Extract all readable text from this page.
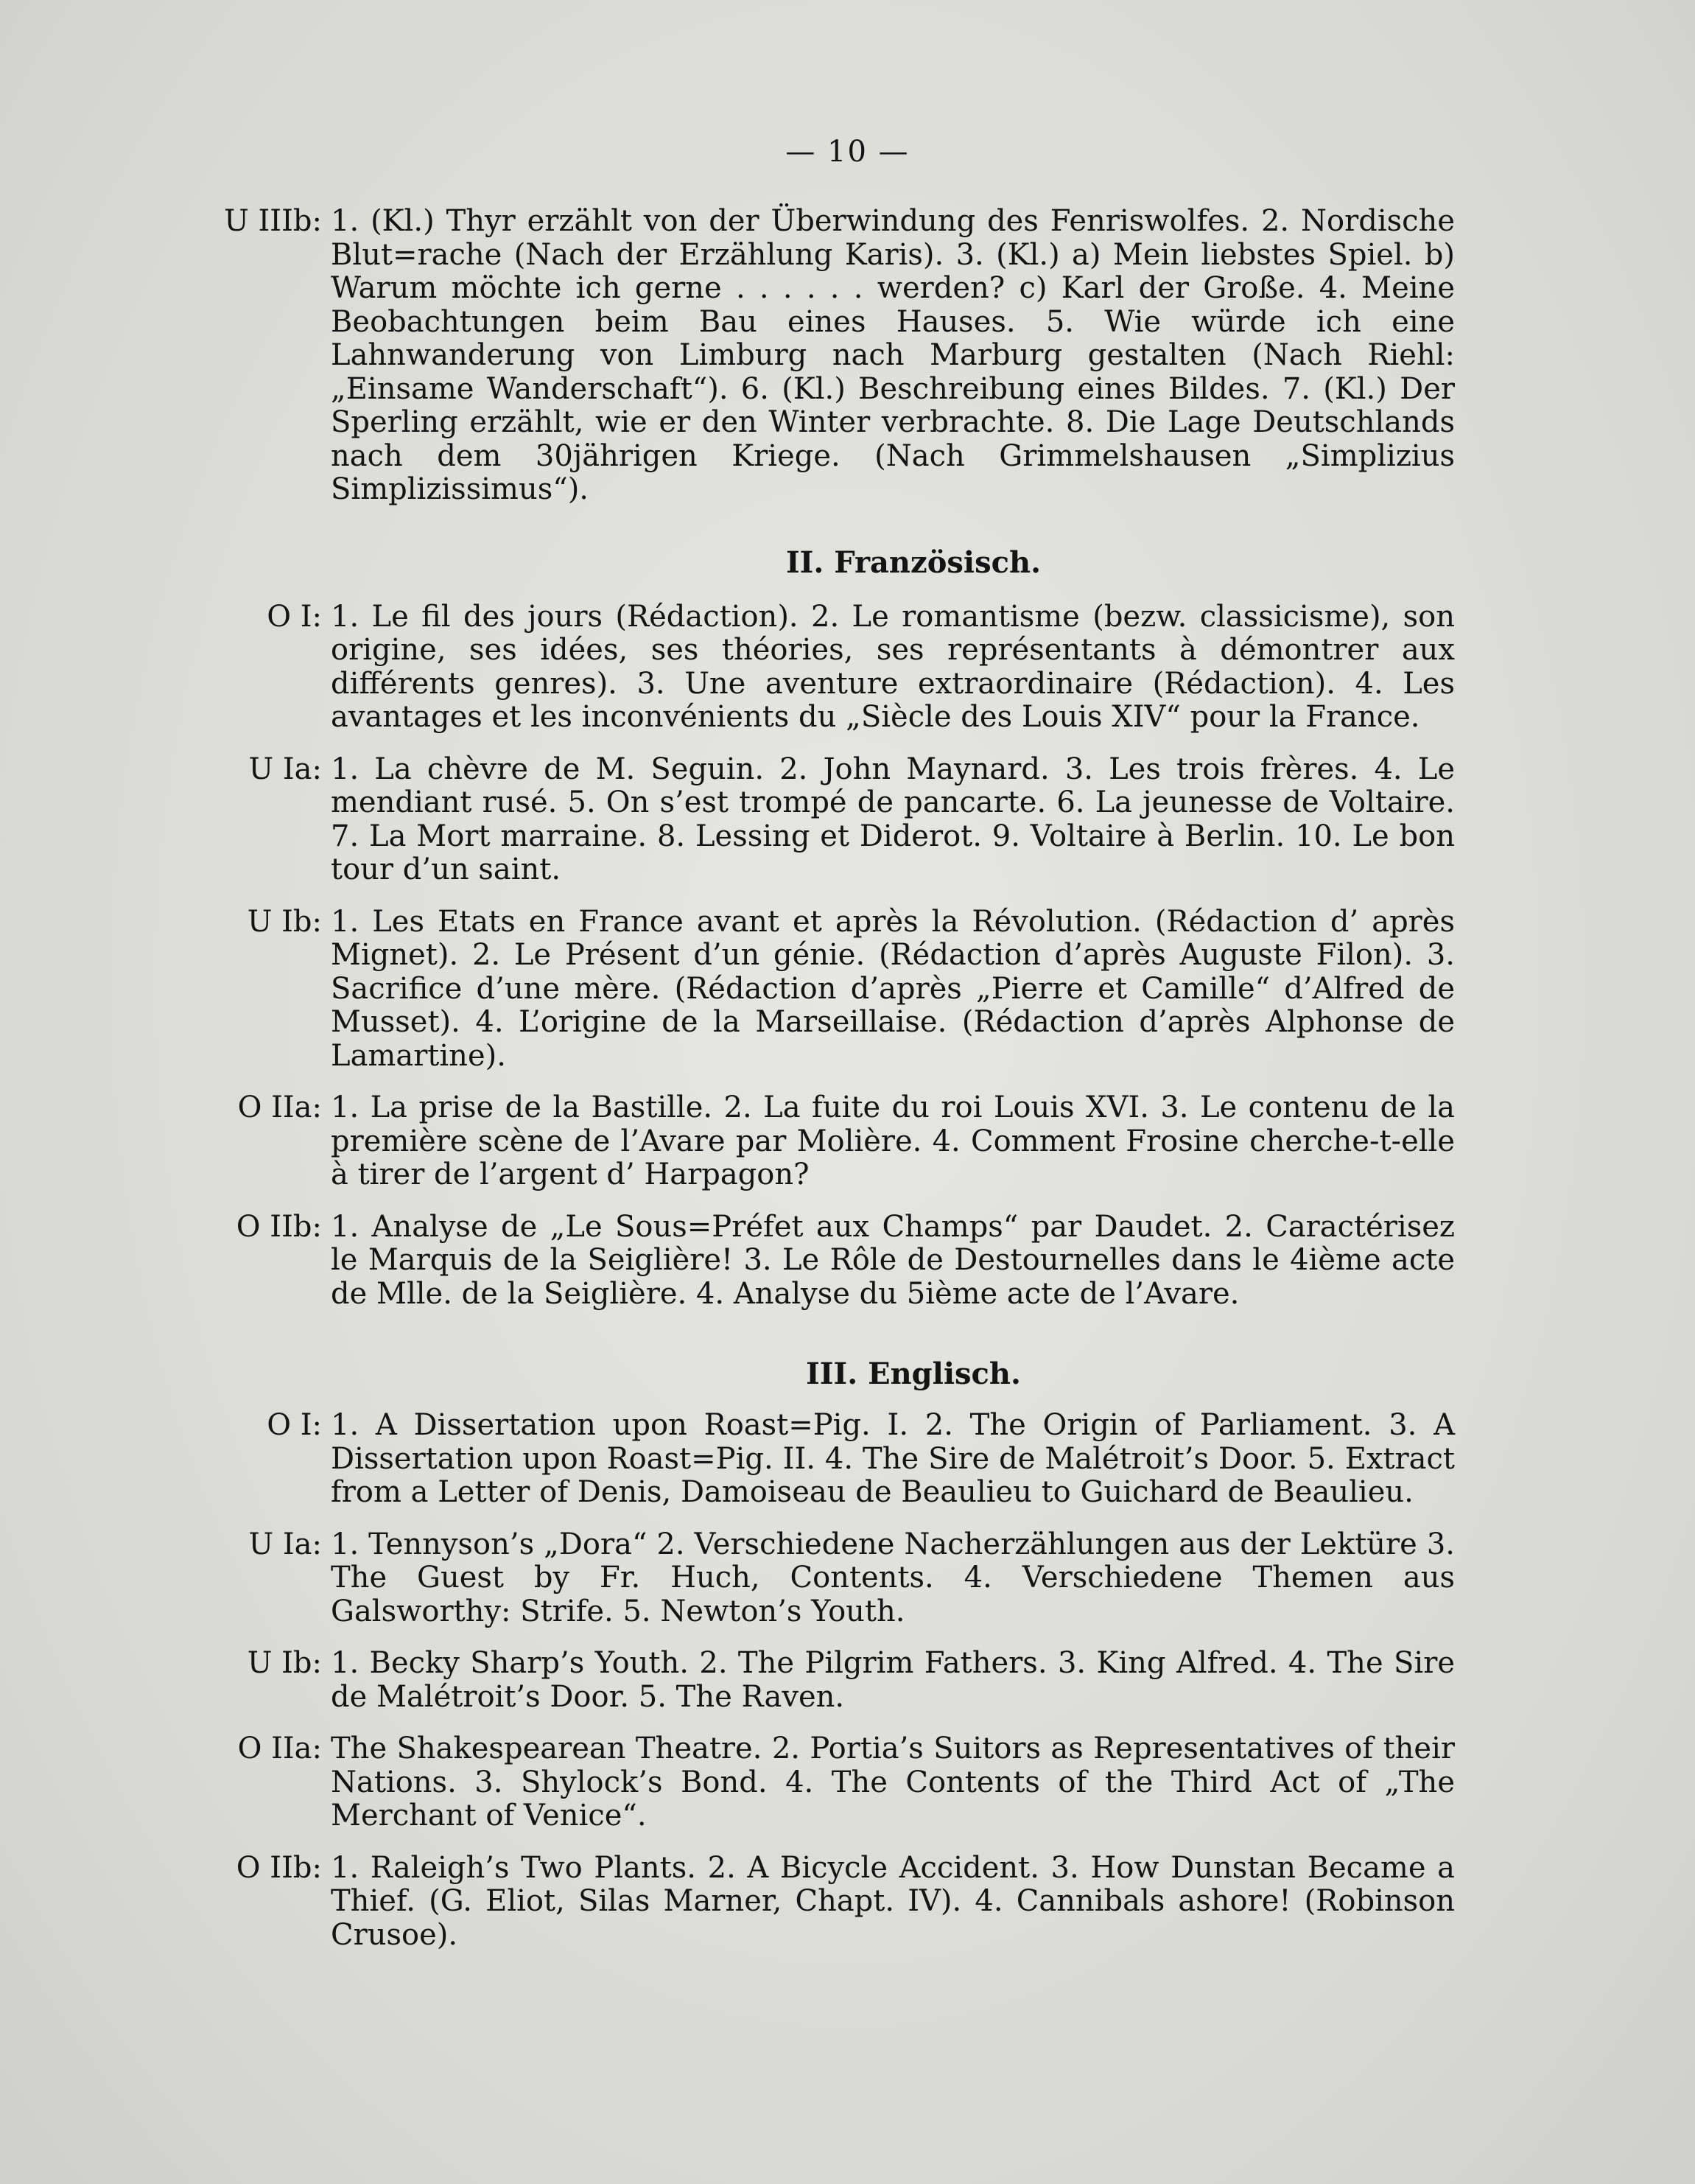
— 10 —
U IIIb: 1. (Kl.) Thyr erzählt von der Überwindung des Fenriswolfes. 2. Nordische Blut=rache (Nach der Erzählung Karis). 3. (Kl.) a) Mein liebstes Spiel. b) Warum möchte ich gerne . . . . . . werden? c) Karl der Große. 4. Meine Beobachtungen beim Bau eines Hauses. 5. Wie würde ich eine Lahnwanderung von Limburg nach Marburg gestalten (Nach Riehl: „Einsame Wanderschaft“). 6. (Kl.) Beschreibung eines Bildes. 7. (Kl.) Der Sperling erzählt, wie er den Winter verbrachte. 8. Die Lage Deutschlands nach dem 30jährigen Kriege. (Nach Grimmelshausen „Simplizius Simplizissimus“).
II. Französisch.
O I: 1. Le fil des jours (Rédaction). 2. Le romantisme (bezw. classicisme), son origine, ses idées, ses théories, ses représentants à démontrer aux différents genres). 3. Une aventure extraordinaire (Rédaction). 4. Les avantages et les inconvénients du „Siècle des Louis XIV“ pour la France.
U Ia: 1. La chèvre de M. Seguin. 2. John Maynard. 3. Les trois frères. 4. Le mendiant rusé. 5. On s’est trompé de pancarte. 6. La jeunesse de Voltaire. 7. La Mort marraine. 8. Lessing et Diderot. 9. Voltaire à Berlin. 10. Le bon tour d’un saint.
U Ib: 1. Les Etats en France avant et après la Révolution. (Rédaction d’ après Mignet). 2. Le Présent d’un génie. (Rédaction d’après Auguste Filon). 3. Sacrifice d’une mère. (Rédaction d’après „Pierre et Camille“ d’Alfred de Musset). 4. L’origine de la Marseillaise. (Rédaction d’après Alphonse de Lamartine).
O IIa: 1. La prise de la Bastille. 2. La fuite du roi Louis XVI. 3. Le contenu de la première scène de l’Avare par Molière. 4. Comment Frosine cherche-t-elle à tirer de l’argent d’ Harpagon?
O IIb: 1. Analyse de „Le Sous=Préfet aux Champs“ par Daudet. 2. Caractérisez le Marquis de la Seiglière! 3. Le Rôle de Destournelles dans le 4ième acte de Mlle. de la Seiglière. 4. Analyse du 5ième acte de l’Avare.
III. Englisch.
O I: 1. A Dissertation upon Roast=Pig. I. 2. The Origin of Parliament. 3. A Dissertation upon Roast=Pig. II. 4. The Sire de Malétroit’s Door. 5. Extract from a Letter of Denis, Damoiseau de Beaulieu to Guichard de Beaulieu.
U Ia: 1. Tennyson’s „Dora“ 2. Verschiedene Nacherzählungen aus der Lektüre 3. The Guest by Fr. Huch, Contents. 4. Verschiedene Themen aus Galsworthy: Strife. 5. Newton’s Youth.
U Ib: 1. Becky Sharp’s Youth. 2. The Pilgrim Fathers. 3. King Alfred. 4. The Sire de Malétroit’s Door. 5. The Raven.
O IIa: The Shakespearean Theatre. 2. Portia’s Suitors as Representatives of their Nations. 3. Shylock’s Bond. 4. The Contents of the Third Act of „The Merchant of Venice“.
O IIb: 1. Raleigh’s Two Plants. 2. A Bicycle Accident. 3. How Dunstan Became a Thief. (G. Eliot, Silas Marner, Chapt. IV). 4. Cannibals ashore! (Robinson Crusoe).
